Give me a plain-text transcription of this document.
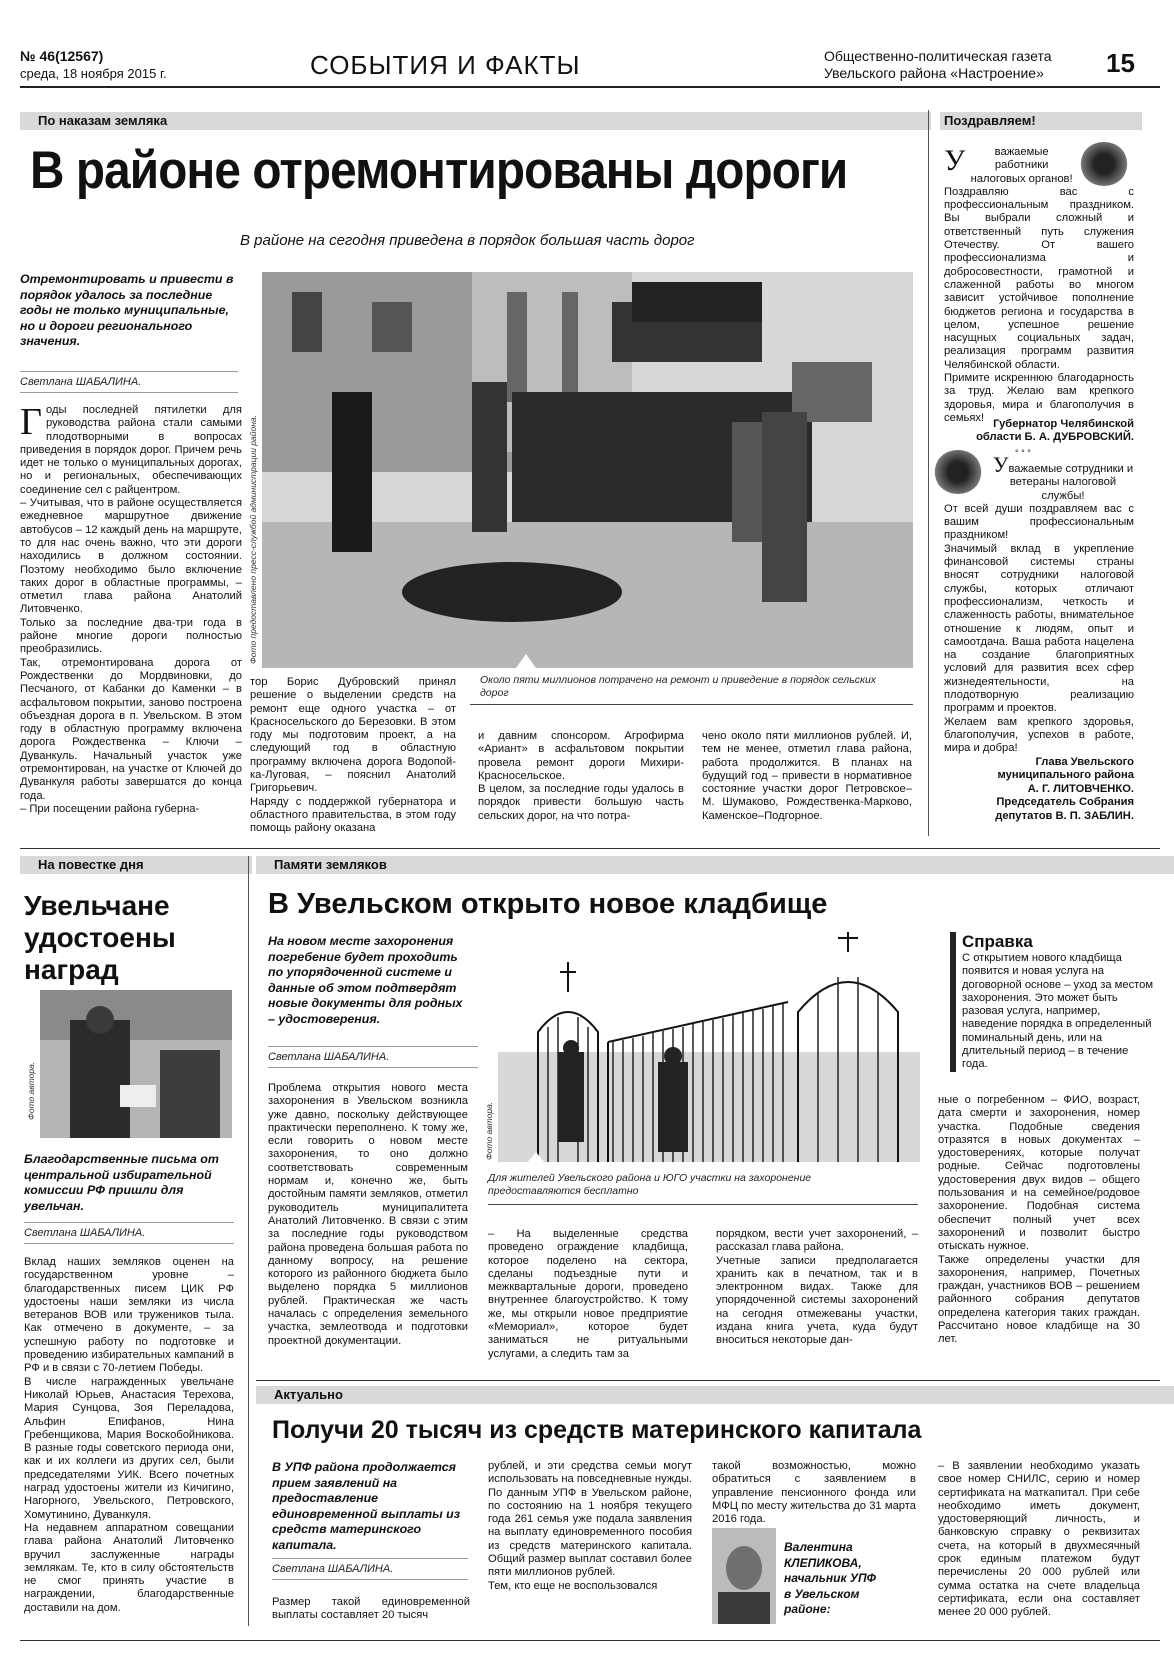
№ 46(12567)
среда, 18 ноября 2015 г.	СОБЫТИЯ И ФАКТЫ	Общественно-политическая газета
Увельского района «Настроение» 15
По наказам земляка
В районе отремонтированы дороги
В районе на сегодня приведена в порядок большая часть дорог
Отремонтировать и привести в порядок удалось за последние годы не только муниципальные, но и дороги регионального значения.
Светлана ШАБАЛИНА.
Фото предоставлено пресс-службой администрации района.
Около пяти миллионов потрачено на ремонт и приведение в порядок сельских дорог
Г оды последней пятилетки для руководства района стали самыми плодотворными в вопросах приведения в порядок дорог. Причем речь идет не только о муниципальных дорогах, но и региональных, обеспечивающих соединение сел с райцентром.
– Учитывая, что в районе осуществляется ежедневное маршрутное движение автобусов – 12 каждый день на маршруте, то для нас очень важно, что эти дороги находились в должном состоянии. Поэтому необходимо было включение таких дорог в областные программы, – отметил глава района Анатолий Литовченко.
Только за последние два-три года в районе многие дороги полностью преобразились.
Так, отремонтирована дорога от Рождественки до Мордвиновки, до Песчаного, от Кабанки до Каменки – в асфальтовом покрытии, заново построена объездная дорога в п. Увельском. В этом году в областную программу включена дорога Рождественка – Ключи – Дуванкуль. Начальный участок уже отремонтирован, на участке от Ключей до Дуванкуля работы завершатся до конца года.
– При посещении района губерна-
тор Борис Дубровский принял решение о выделении средств на ремонт еще одного участка – от Красносельского до Березовки. В этом году мы подготовим проект, а на следующий год в областную программу включена дорога Водопой-ка-Луговая, – пояснил Анатолий Григорьевич.
Наряду с поддержкой губернатора и областного правительства, в этом году помощь району оказана
и давним спонсором. Агрофирма «Ариант» в асфальтовом покрытии провела ремонт дороги Михири-Красносельское.
В целом, за последние годы удалось в порядок привести большую часть сельских дорог, на что потра-
чено около пяти миллионов рублей. И, тем не менее, отметил глава района, работа продолжится. В планах на будущий год – привести в нормативное состояние участки дорог Петровское–М. Шумаково, Рождественка-Марково, Каменское–Подгорное.
Поздравляем!
У	важаемые работники налоговых органов!
Поздравляю вас с профессиональным праздником. Вы выбрали сложный и ответственный путь служения Отечеству. От вашего профессионализма и добросовестности, грамотной и слаженной работы во многом зависит устойчивое пополнение бюджетов региона и государства в целом, успешное решение насущных социальных задач, реализация программ развития Челябинской области.
Примите искреннюю благодарность за труд. Желаю вам крепкого здоровья, мира и благополучия в семьях!
Губернатор Челябинской
области Б. А. ДУБРОВСКИЙ.
° ° °
Уважаемые сотрудники и ветераны налоговой службы!
От всей души поздравляем вас с вашим профессиональным праздником!
Значимый вклад в укрепление финансовой системы страны вносят сотрудники налоговой службы, которых отличают профессионализм, четкость и слаженность работы, внимательное отношение к людям, опыт и самоотдача. Ваша работа нацелена на создание благоприятных условий для развития всех сфер жизнедеятельности, на плодотворную реализацию программ и проектов.
Желаем вам крепкого здоровья, благополучия, успехов в работе, мира и добра!
Глава Увельского
муниципального района
А. Г. ЛИТОВЧЕНКО.
Председатель Собрания
депутатов В. П. ЗАБЛИН.
На повестке дня
Увельчане удостоены наград
Фото автора.
Благодарственные письма от центральной избирательной комиссии РФ пришли для увельчан.
Светлана ШАБАЛИНА.
Вклад наших земляков оценен на государственном уровне – благодарственных писем ЦИК РФ удостоены наши земляки из числа ветеранов ВОВ или тружеников тыла. Как отмечено в документе, – за успешную работу по подготовке и проведению избирательных кампаний в РФ и в связи с 70-летием Победы.
В числе награжденных увельчане Николай Юрьев, Анастасия Терехова, Мария Сунцова, Зоя Переладова, Альфин Епифанов, Нина Гребенщикова, Мария Воскобойникова. В разные годы советского периода они, как и их коллеги из других сел, были председателями УИК. Всего почетных наград удостоены жители из Кичигино, Нагорного, Увельского, Петровского, Хомутинино, Дуванкуля.
На недавнем аппаратном совещании глава района Анатолий Литовченко вручил заслуженные награды землякам. Те, кто в силу обстоятельств не смог принять участие в награждении, благодарственные доставили на дом.
Памяти земляков
В Увельском открыто новое кладбище
На новом месте захоронения погребение будет проходить по упорядоченной системе и данные об этом подтвердят новые документы для родных – удостоверения.
Светлана ШАБАЛИНА.
Фото автора.
Для жителей Увельского района и ЮГО участки на захоронение предоставляются бесплатно
Справка
С открытием нового кладбища появится и новая услуга на договорной основе – уход за местом захоронения. Это может быть разовая услуга, например, наведение порядка в определенный поминальный день, или на длительный период – в течение года.
Проблема открытия нового места захоронения в Увельском возникла уже давно, поскольку действующее практически переполнено. К тому же, если говорить о новом месте захоронения, то оно должно соответствовать современным нормам и, конечно же, быть достойным памяти земляков, отметил руководитель муниципалитета Анатолий Литовченко. В связи с этим за последние годы руководством района проведена большая работа по данному вопросу, на решение которого из районного бюджета было выделено порядка 5 миллионов рублей. Практическая же часть началась с определения земельного участка, землеотвода и подготовки проектной документации.
– На выделенные средства проведено ограждение кладбища, которое поделено на сектора, сделаны подъездные пути и межквартальные дороги, проведено внутреннее благоустройство. К тому же, мы открыли новое предприятие «Мемориал», которое будет заниматься не ритуальными услугами, а следить там за
порядком, вести учет захоронений, – рассказал глава района.
Учетные записи предполагается хранить как в печатном, так и в электронном видах. Также для упорядоченной системы захоронений на сегодня отмежеваны участки, издана книга учета, куда будут вноситься некоторые дан-
ные о погребенном – ФИО, возраст, дата смерти и захоронения, номер участка. Подобные сведения отразятся в новых документах – удостоверениях, которые получат родные. Сейчас подготовлены удостоверения двух видов – общего пользования и на семейное/родовое захоронение. Подобная система обеспечит полный учет всех захоронений и позволит быстро отыскать нужное.
Также определены участки для захоронения, например, Почетных граждан, участников ВОВ – решением районного собрания депутатов определена категория таких граждан. Рассчитано новое кладбище на 30 лет.
Актуально
Получи 20 тысяч из средств материнского капитала
В УПФ района продолжается прием заявлений на предоставление единовременной выплаты из средств материнского капитала.
Светлана ШАБАЛИНА.
Размер такой единовременной выплаты составляет 20 тысяч
рублей, и эти средства семьи могут использовать на повседневные нужды.
По данным УПФ в Увельском районе, по состоянию на 1 ноября текущего года 261 семья уже подала заявления на выплату единовременного пособия из средств материнского капитала. Общий размер выплат составил более пяти миллионов рублей.
Тем, кто еще не воспользовался
такой возможностью, можно обратиться с заявлением в управление пенсионного фонда или МФЦ по месту жительства до 31 марта 2016 года.
Валентина
КЛЕПИКОВА,
начальник УПФ
в Увельском
районе:
– В заявлении необходимо указать свое номер СНИЛС, серию и номер сертификата на маткапитал. При себе необходимо иметь документ, удостоверяющий личность, и банковскую справку о реквизитах счета, на который в двухмесячный срок единым платежом будут перечислены 20 000 рублей или сумма остатка на счете владельца сертификата, если она составляет менее 20 000 рублей.
